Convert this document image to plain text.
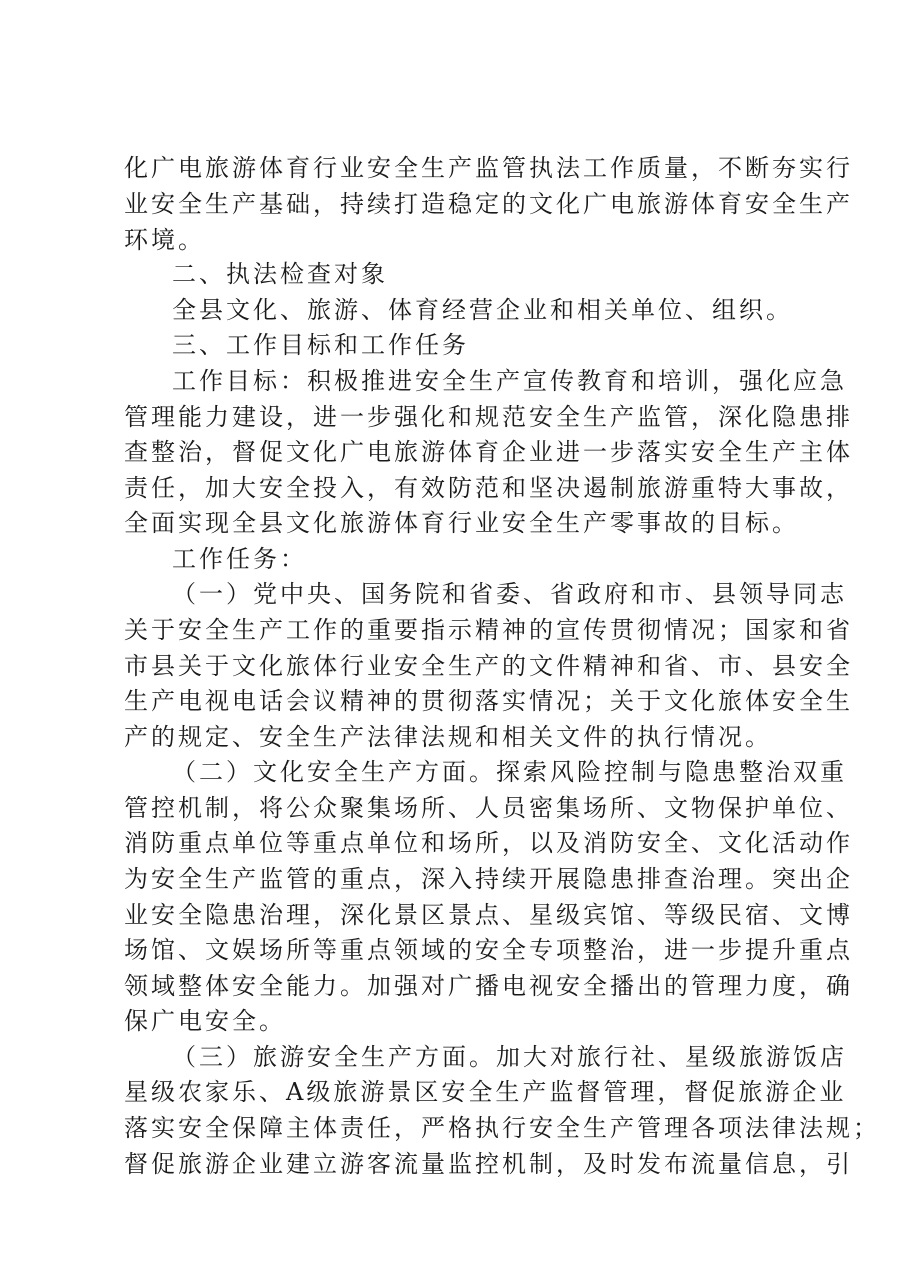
化广电旅游体育行业安全生产监管执法工作质量，不断夯实行
业安全生产基础，持续打造稳定的文化广电旅游体育安全生产
环境。
二、执法检查对象
全县文化、旅游、体育经营企业和相关单位、组织。
三、工作目标和工作任务
工作目标：积极推进安全生产宣传教育和培训，强化应急
管理能力建设，进一步强化和规范安全生产监管，深化隐患排
查整治，督促文化广电旅游体育企业进一步落实安全生产主体
责任，加大安全投入，有效防范和坚决遏制旅游重特大事故，
全面实现全县文化旅游体育行业安全生产零事故的目标。
工作任务：
（一）党中央、国务院和省委、省政府和市、县领导同志
关于安全生产工作的重要指示精神的宣传贯彻情况；国家和省
市县关于文化旅体行业安全生产的文件精神和省、市、县安全
生产电视电话会议精神的贯彻落实情况；关于文化旅体安全生
产的规定、安全生产法律法规和相关文件的执行情况。
（二）文化安全生产方面。探索风险控制与隐患整治双重
管控机制，将公众聚集场所、人员密集场所、文物保护单位、
消防重点单位等重点单位和场所，以及消防安全、文化活动作
为安全生产监管的重点，深入持续开展隐患排查治理。突出企
业安全隐患治理，深化景区景点、星级宾馆、等级民宿、文博
场馆、文娱场所等重点领域的安全专项整治，进一步提升重点
领域整体安全能力。加强对广播电视安全播出的管理力度，确
保广电安全。
（三）旅游安全生产方面。加大对旅行社、星级旅游饭店
星级农家乐、A级旅游景区安全生产监督管理，督促旅游企业
落实安全保障主体责任，严格执行安全生产管理各项法律法规；
督促旅游企业建立游客流量监控机制，及时发布流量信息，引
